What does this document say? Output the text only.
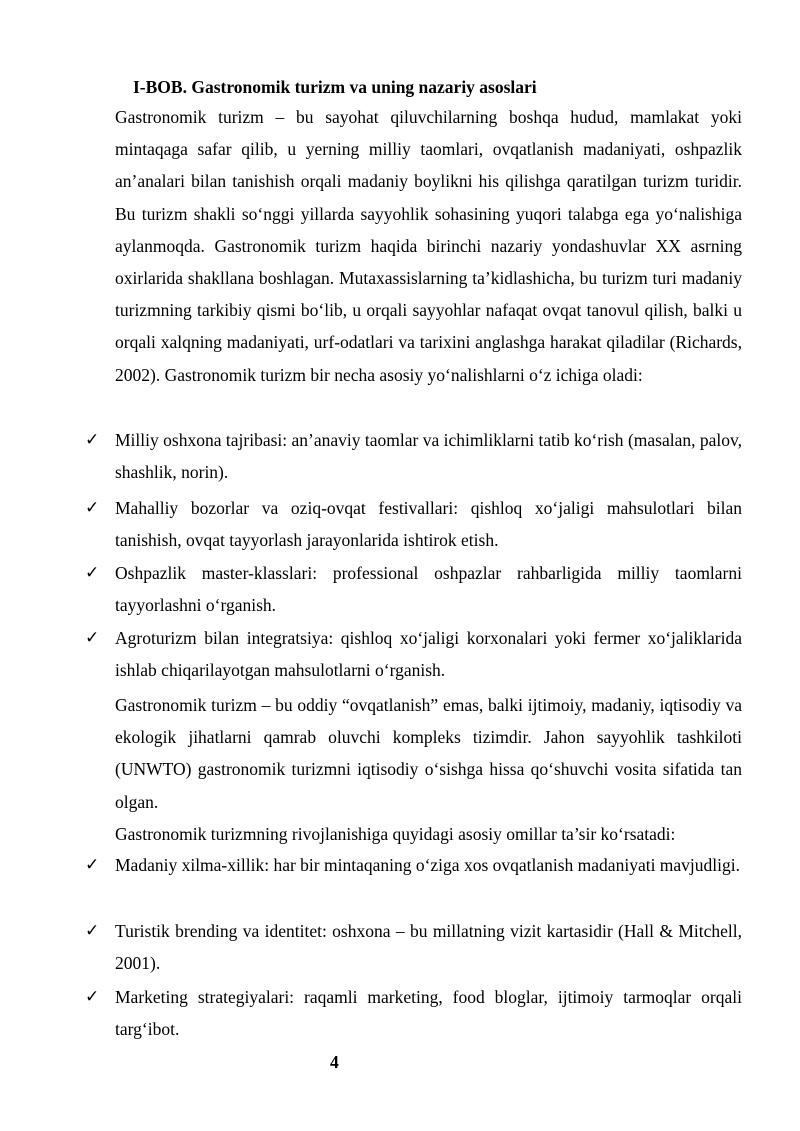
I-BOB. Gastronomik turizm va uning nazariy asoslari

Gastronomik turizm – bu sayohat qiluvchilarning boshqa hudud, mamlakat yoki mintaqaga safar qilib, u yerning milliy taomlari, ovqatlanish madaniyati, oshpazlik an’analari bilan tanishish orqali madaniy boylikni his qilishga qaratilgan turizm turidir. Bu turizm shakli so‘nggi yillarda sayyohlik sohasining yuqori talabga ega yo‘nalishiga aylanmoqda. Gastronomik turizm haqida birinchi nazariy yondashuvlar XX asrning oxirlarida shakllana boshlagan. Mutaxassislarning ta’kidlashicha, bu turizm turi madaniy turizmning tarkibiy qismi bo‘lib, u orqali sayyohlar nafaqat ovqat tanovul qilish, balki u orqali xalqning madaniyati, urf-odatlari va tarixini anglashga harakat qiladilar (Richards, 2002). Gastronomik turizm bir necha asosiy yo‘nalishlarni o‘z ichiga oladi:

✓ Milliy oshxona tajribasi: an’anaviy taomlar va ichimliklarni tatib ko‘rish (masalan, palov, shashlik, norin).

✓ Mahalliy bozorlar va oziq-ovqat festivallari: qishloq xo‘jaligi mahsulotlari bilan tanishish, ovqat tayyorlash jarayonlarida ishtirok etish.

✓ Oshpazlik master-klasslari: professional oshpazlar rahbarligida milliy taomlarni tayyorlashni o‘rganish.

✓ Agroturizm bilan integratsiya: qishloq xo‘jaligi korxonalari yoki fermer xo‘jaliklarida ishlab chiqarilayotgan mahsulotlarni o‘rganish.

Gastronomik turizm – bu oddiy “ovqatlanish” emas, balki ijtimoiy, madaniy, iqtisodiy va ekologik jihatlarni qamrab oluvchi kompleks tizimdir. Jahon sayyohlik tashkiloti (UNWTO) gastronomik turizmni iqtisodiy o‘sishga hissa qo‘shuvchi vosita sifatida tan olgan.

Gastronomik turizmning rivojlanishiga quyidagi asosiy omillar ta’sir ko‘rsatadi:

✓ Madaniy xilma-xillik: har bir mintaqaning o‘ziga xos ovqatlanish madaniyati mavjudligi.

✓ Turistik brending va identitet: oshxona – bu millatning vizit kartasidir (Hall & Mitchell, 2001).

✓ Marketing strategiyalari: raqamli marketing, food bloglar, ijtimoiy tarmoqlar orqali targ‘ibot.

4
